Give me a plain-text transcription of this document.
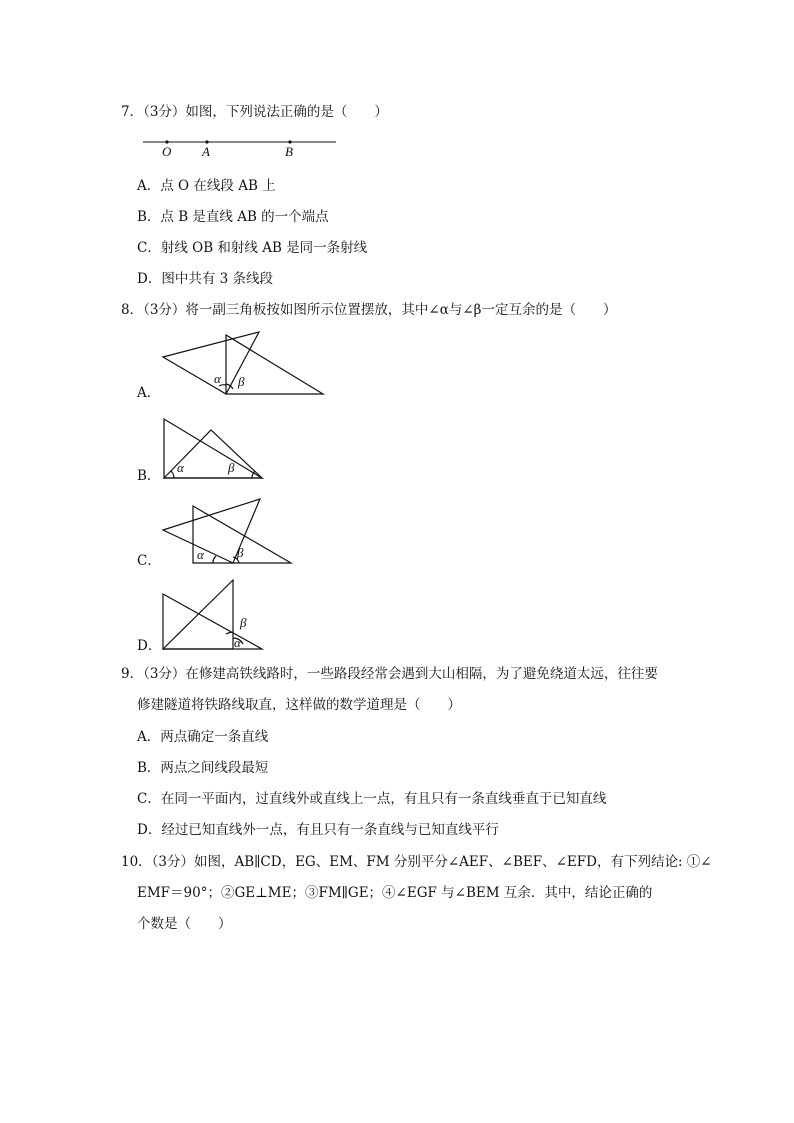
7．（3分）如图，下列说法正确的是（　　）
O A	B
A．点 O 在线段 AB 上
B．点 B 是直线 AB 的一个端点
C．射线 OB 和射线 AB 是同一条射线
D．图中共有 3 条线段
8．（3分）将一副三角板按如图所示位置摆放，其中∠α与∠β一定互余的是（　　）
A．
B．
C．
D．
α β
α	β
α	β
β
α
9．（3分）在修建高铁线路时，一些路段经常会遇到大山相隔，为了避免绕道太远，往往要
修建隧道将铁路线取直，这样做的数学道理是（　　）
A．两点确定一条直线
B．两点之间线段最短
C．在同一平面内，过直线外或直线上一点，有且只有一条直线垂直于已知直线
D．经过已知直线外一点，有且只有一条直线与已知直线平行
10．（3分）如图，AB∥CD，EG、EM、FM 分别平分∠AEF、∠BEF、∠EFD，有下列结论: ①∠
EMF＝90°；②GE⊥ME；③FM∥GE；④∠EGF 与∠BEM 互余．其中，结论正确的
个数是（　　）
